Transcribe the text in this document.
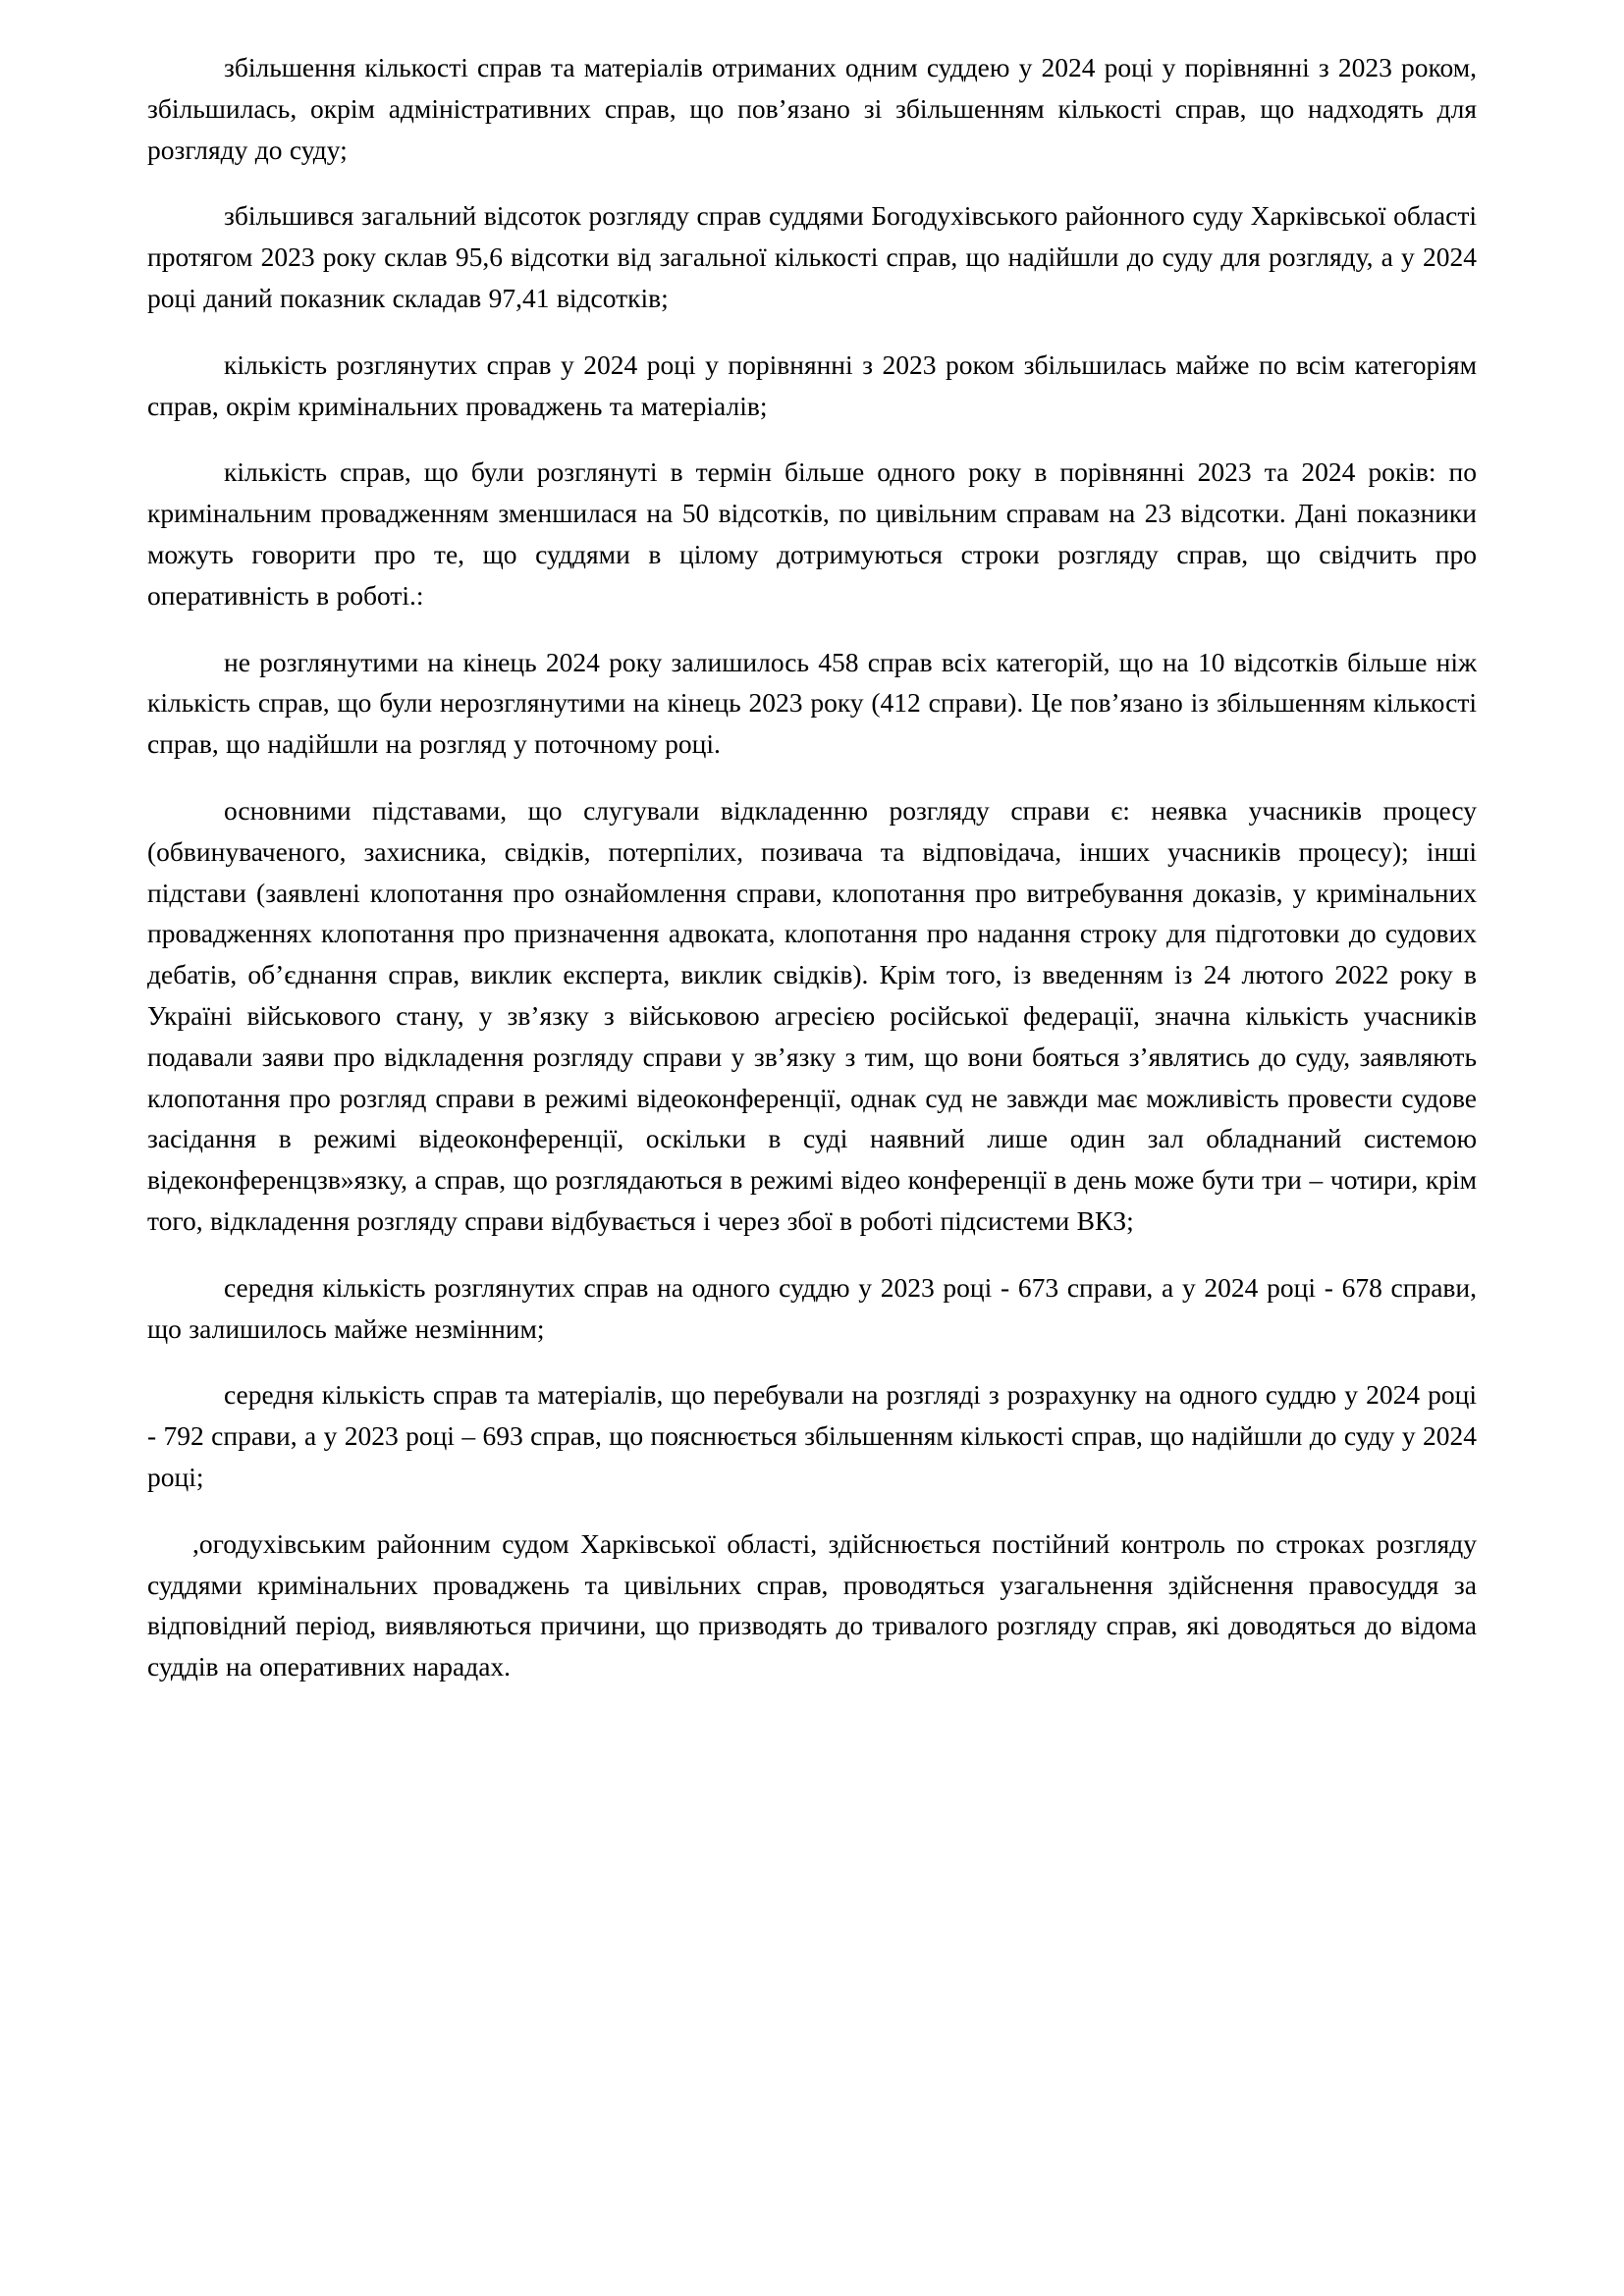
збільшення кількості справ та матеріалів отриманих одним суддею у 2024 році у порівнянні з 2023 роком, збільшилась, окрім адміністративних справ, що пов’язано зі збільшенням кількості справ, що надходять для розгляду до суду;

збільшився загальний відсоток розгляду справ суддями Богодухівського районного суду Харківської області протягом 2023 року склав 95,6 відсотки від загальної кількості справ, що надійшли до суду для розгляду, а у 2024 році даний показник складав 97,41 відсотків;

кількість розглянутих справ у 2024 році у порівнянні з 2023 роком збільшилась майже по всім категоріям справ, окрім кримінальних проваджень та матеріалів;

кількість справ, що були розглянуті в термін більше одного року в порівнянні 2023 та 2024 років: по кримінальним провадженням зменшилася на 50 відсотків, по цивільним справам на 23 відсотки. Дані показники можуть говорити про те, що суддями в цілому дотримуються строки розгляду справ, що свідчить про оперативність в роботі.:

не розглянутими на кінець 2024 року залишилось 458 справ всіх категорій, що на 10 відсотків більше ніж кількість справ, що були нерозглянутими на кінець 2023 року (412 справи). Це пов’язано із збільшенням кількості справ, що надійшли на розгляд у поточному році.

основними підставами, що слугували відкладенню розгляду справи є: неявка учасників процесу (обвинуваченого, захисника, свідків, потерпілих, позивача та відповідача, інших учасників процесу); інші підстави (заявлені клопотання про ознайомлення справи, клопотання про витребування доказів, у кримінальних провадженнях клопотання про призначення адвоката, клопотання про надання строку для підготовки до судових дебатів, об’єднання справ, виклик експерта, виклик свідків). Крім того, із введенням із 24 лютого 2022 року в Україні військового стану, у зв’язку з військовою агресією російської федерації, значна кількість учасників подавали заяви про відкладення розгляду справи у зв’язку з тим, що вони бояться з’являтись до суду, заявляють клопотання про розгляд справи в режимі відеоконференції, однак суд не завжди має можливість провести судове засідання в режимі відеоконференції, оскільки в суді наявний лише один зал обладнаний системою відеконференцзв»язку, а справ, що розглядаються в режимі відео конференції в день може бути три – чотири, крім того, відкладення розгляду справи відбувається і через збої в роботі підсистеми ВКЗ;

середня кількість розглянутих справ на одного суддю у 2023 році - 673 справи, а у 2024 році - 678 справи, що залишилось майже незмінним;

середня кількість справ та матеріалів, що перебували на розгляді з розрахунку на одного суддю у 2024 році - 792 справи, а у 2023 році – 693 справ, що пояснюється збільшенням кількості справ, що надійшли до суду у 2024 році;

,огодухівським районним судом Харківської області, здійснюється постійний контроль по строках розгляду суддями кримінальних проваджень та цивільних справ, проводяться узагальнення здійснення правосуддя за відповідний період, виявляються причини, що призводять до тривалого розгляду справ, які доводяться до відома суддів на оперативних нарадах.
